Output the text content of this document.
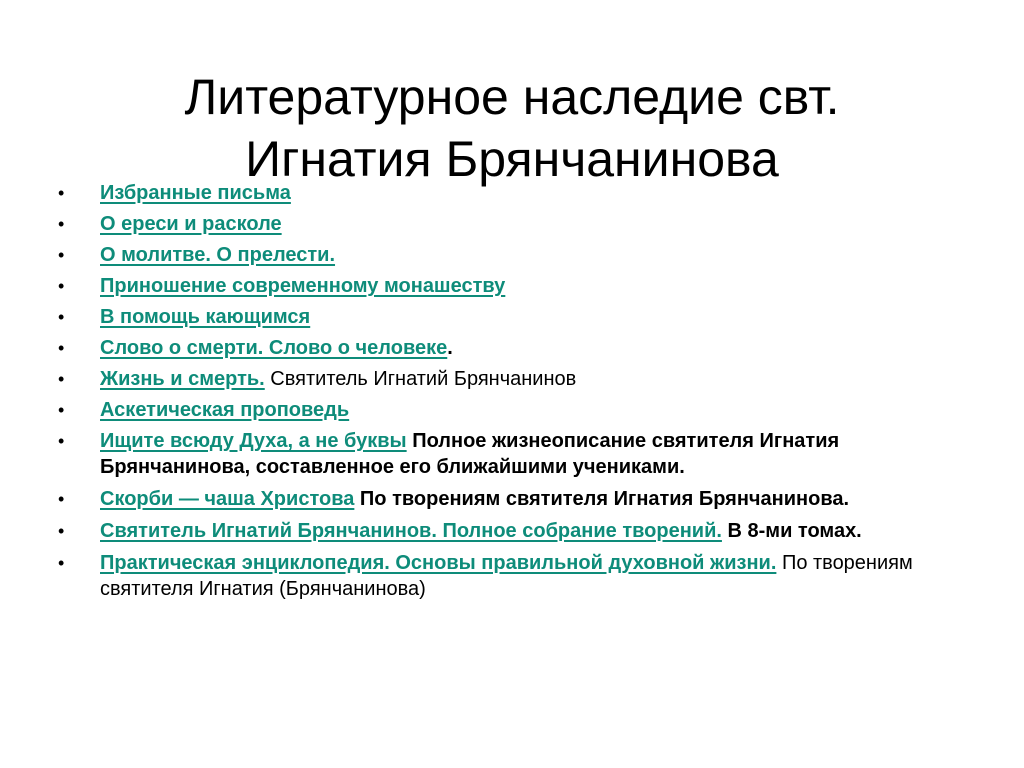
Литературное наследие свт.
Игнатия Брянчанинова
• Избранные письма
• О ереси и расколе
• О молитве. О прелести.
• Приношение современному монашеству
• В помощь кающимся
• Слово о смерти. Слово о человеке.
• Жизнь и смерть. Святитель Игнатий Брянчанинов
• Аскетическая проповедь
• Ищите всюду Духа, а не буквы Полное жизнеописание святителя Игнатия Брянчанинова, составленное его ближайшими учениками.
• Скорби — чаша Христова По творениям святителя Игнатия Брянчанинова.
• Святитель Игнатий Брянчанинов. Полное собрание творений. В 8-ми томах.
• Практическая энциклопедия. Основы правильной духовной жизни. По творениям святителя Игнатия (Брянчанинова)
